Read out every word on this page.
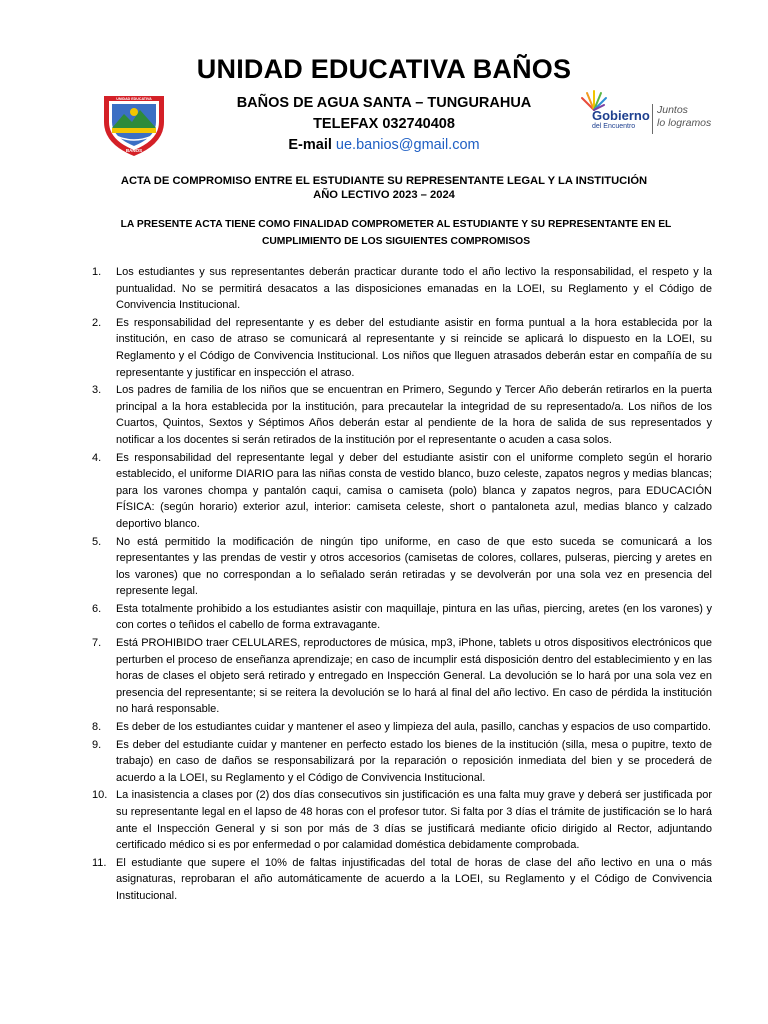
UNIDAD EDUCATIVA
BAÑOS
UNIDAD EDUCATIVA BAÑOS
BAÑOS DE AGUA SANTA – TUNGURAHUA
TELEFAX 032740408
E-mail ue.banios@gmail.com
Gobierno
del Encuentro
Juntos
lo logramos
ACTA DE COMPROMISO ENTRE EL ESTUDIANTE SU REPRESENTANTE LEGAL Y LA INSTITUCIÓN
AÑO LECTIVO 2023 – 2024
LA PRESENTE ACTA TIENE COMO FINALIDAD COMPROMETER AL ESTUDIANTE Y SU REPRESENTANTE EN EL CUMPLIMIENTO DE LOS SIGUIENTES COMPROMISOS
1. Los estudiantes y sus representantes deberán practicar durante todo el año lectivo la responsabilidad, el respeto y la puntualidad. No se permitirá desacatos a las disposiciones emanadas en la LOEI, su Reglamento y el Código de Convivencia Institucional.
2. Es responsabilidad del representante y es deber del estudiante asistir en forma puntual a la hora establecida por la institución, en caso de atraso se comunicará al representante y si reincide se aplicará lo dispuesto en la LOEI, su Reglamento y el Código de Convivencia Institucional. Los niños que lleguen atrasados deberán estar en compañía de su representante y justificar en inspección el atraso.
3. Los padres de familia de los niños que se encuentran en Primero, Segundo y Tercer Año deberán retirarlos en la puerta principal a la hora establecida por la institución, para precautelar la integridad de su representado/a. Los niños de los Cuartos, Quintos, Sextos y Séptimos Años deberán estar al pendiente de la hora de salida de sus representados y notificar a los docentes si serán retirados de la institución por el representante o acuden a casa solos.
4. Es responsabilidad del representante legal y deber del estudiante asistir con el uniforme completo según el horario establecido, el uniforme DIARIO para las niñas consta de vestido blanco, buzo celeste, zapatos negros y medias blancas; para los varones chompa y pantalón caqui, camisa o camiseta (polo) blanca y zapatos negros, para EDUCACIÓN FÍSICA: (según horario) exterior azul, interior: camiseta celeste, short o pantaloneta azul, medias blanco y calzado deportivo blanco.
5. No está permitido la modificación de ningún tipo uniforme, en caso de que esto suceda se comunicará a los representantes y las prendas de vestir y otros accesorios (camisetas de colores, collares, pulseras, piercing y aretes en los varones) que no correspondan a lo señalado serán retiradas y se devolverán por una sola vez en presencia del represente legal.
6. Esta totalmente prohibido a los estudiantes asistir con maquillaje, pintura en las uñas, piercing, aretes (en los varones) y con cortes o teñidos el cabello de forma extravagante.
7. Está PROHIBIDO traer CELULARES, reproductores de música, mp3, iPhone, tablets u otros dispositivos electrónicos que perturben el proceso de enseñanza aprendizaje; en caso de incumplir está disposición dentro del establecimiento y en las horas de clases el objeto será retirado y entregado en Inspección General. La devolución se lo hará por una sola vez en presencia del representante; si se reitera la devolución se lo hará al final del año lectivo. En caso de pérdida la institución no hará responsable.
8. Es deber de los estudiantes cuidar y mantener el aseo y limpieza del aula, pasillo, canchas y espacios de uso compartido.
9. Es deber del estudiante cuidar y mantener en perfecto estado los bienes de la institución (silla, mesa o pupitre, texto de trabajo) en caso de daños se responsabilizará por la reparación o reposición inmediata del bien y se procederá de acuerdo a la LOEI, su Reglamento y el Código de Convivencia Institucional.
10. La inasistencia a clases por (2) dos días consecutivos sin justificación es una falta muy grave y deberá ser justificada por su representante legal en el lapso de 48 horas con el profesor tutor. Si falta por 3 días el trámite de justificación se lo hará ante el Inspección General y si son por más de 3 días se justificará mediante oficio dirigido al Rector, adjuntando certificado médico si es por enfermedad o por calamidad doméstica debidamente comprobada.
11. El estudiante que supere el 10% de faltas injustificadas del total de horas de clase del año lectivo en una o más asignaturas, reprobaran el año automáticamente de acuerdo a la LOEI, su Reglamento y el Código de Convivencia Institucional.
